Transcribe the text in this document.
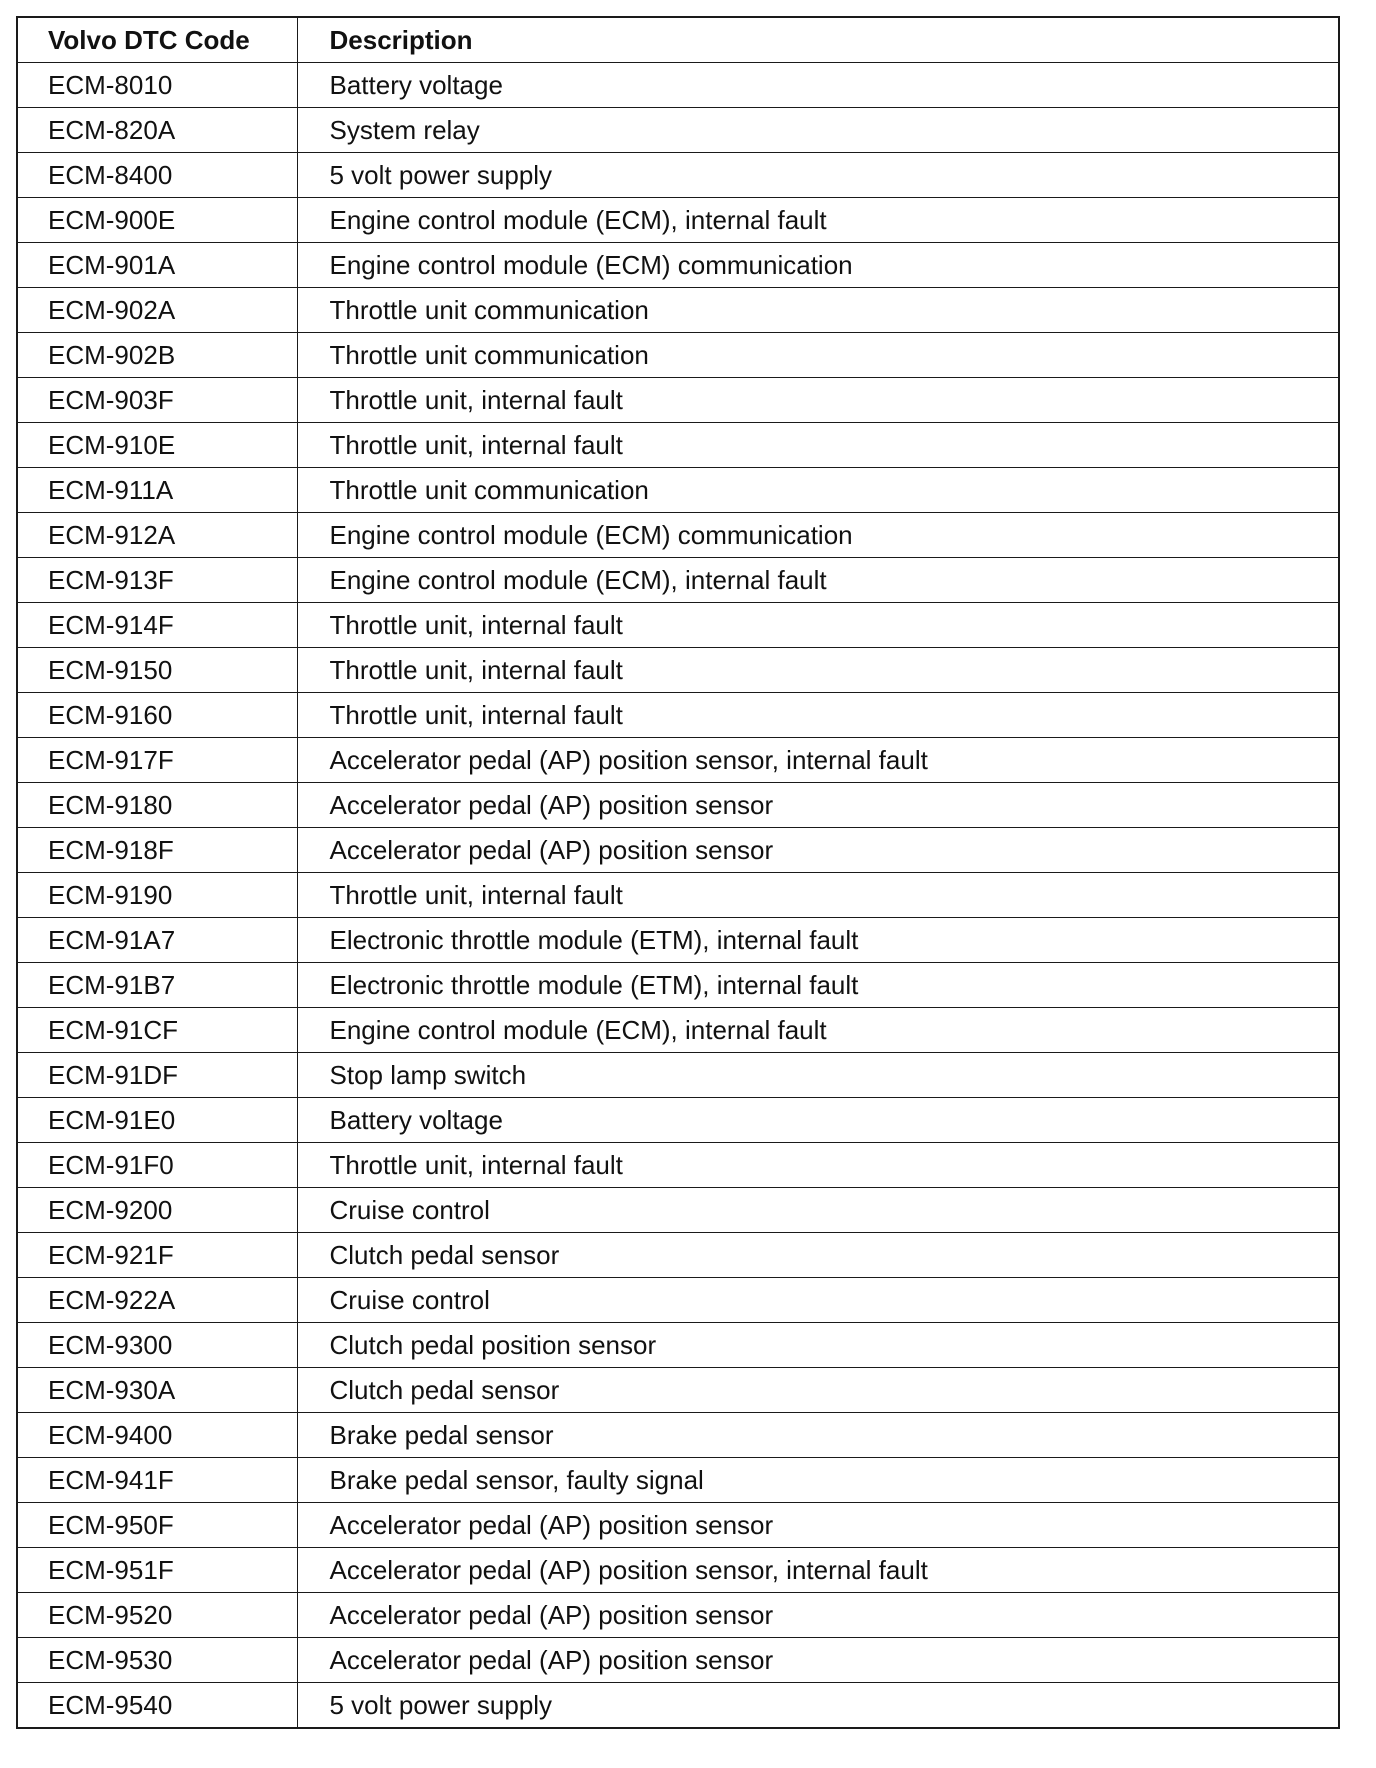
Volvo DTC Code	Description
ECM-8010	Battery voltage
ECM-820A	System relay
ECM-8400	5 volt power supply
ECM-900E	Engine control module (ECM), internal fault
ECM-901A	Engine control module (ECM) communication
ECM-902A	Throttle unit communication
ECM-902B	Throttle unit communication
ECM-903F	Throttle unit, internal fault
ECM-910E	Throttle unit, internal fault
ECM-911A	Throttle unit communication
ECM-912A	Engine control module (ECM) communication
ECM-913F	Engine control module (ECM), internal fault
ECM-914F	Throttle unit, internal fault
ECM-9150	Throttle unit, internal fault
ECM-9160	Throttle unit, internal fault
ECM-917F	Accelerator pedal (AP) position sensor, internal fault
ECM-9180	Accelerator pedal (AP) position sensor
ECM-918F	Accelerator pedal (AP) position sensor
ECM-9190	Throttle unit, internal fault
ECM-91A7	Electronic throttle module (ETM), internal fault
ECM-91B7	Electronic throttle module (ETM), internal fault
ECM-91CF	Engine control module (ECM), internal fault
ECM-91DF	Stop lamp switch
ECM-91E0	Battery voltage
ECM-91F0	Throttle unit, internal fault
ECM-9200	Cruise control
ECM-921F	Clutch pedal sensor
ECM-922A	Cruise control
ECM-9300	Clutch pedal position sensor
ECM-930A	Clutch pedal sensor
ECM-9400	Brake pedal sensor
ECM-941F	Brake pedal sensor, faulty signal
ECM-950F	Accelerator pedal (AP) position sensor
ECM-951F	Accelerator pedal (AP) position sensor, internal fault
ECM-9520	Accelerator pedal (AP) position sensor
ECM-9530	Accelerator pedal (AP) position sensor
ECM-9540	5 volt power supply
